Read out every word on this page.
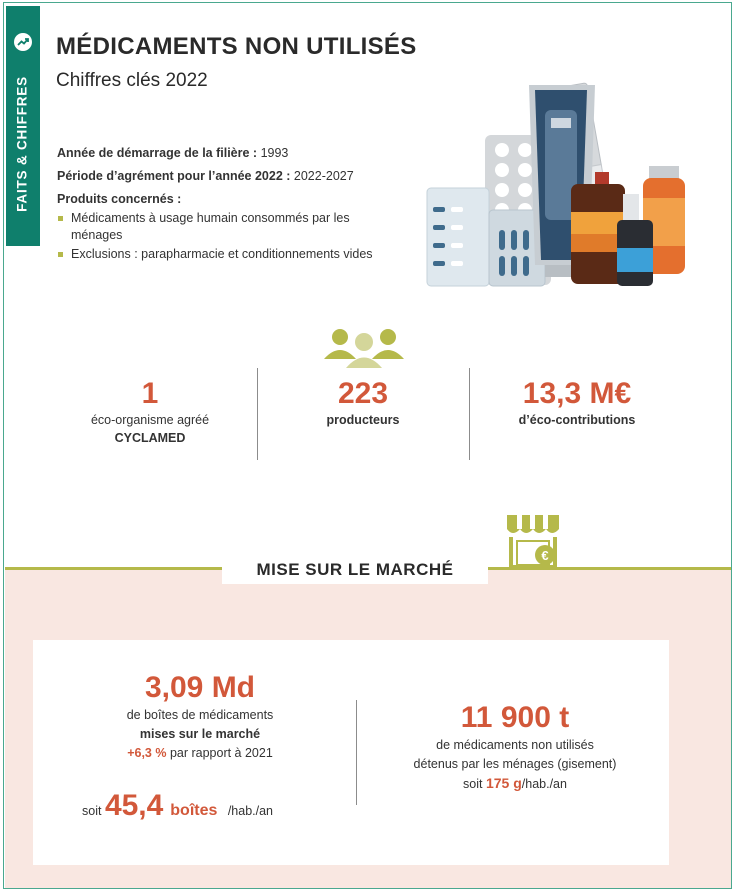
FAITS & CHIFFRES
MÉDICAMENTS NON UTILISÉS
Chiffres clés 2022
Année de démarrage de la filière : 1993
Période d’agrément pour l’année 2022 : 2022-2027
Produits concernés :
Médicaments à usage humain consommés par les ménages
Exclusions : parapharmacie et conditionnements vides
1
éco-organisme agréé
CYCLAMED
223
producteurs
13,3 M€
d’éco-contributions
MISE SUR LE MARCHÉ
€
3,09 Md
de boîtes de médicaments
mises sur le marché
+6,3 % par rapport à 2021
soit 45,4 boîtes /hab./an
11 900 t
de médicaments non utilisés
détenus par les ménages (gisement)
soit 175 g/hab./an
